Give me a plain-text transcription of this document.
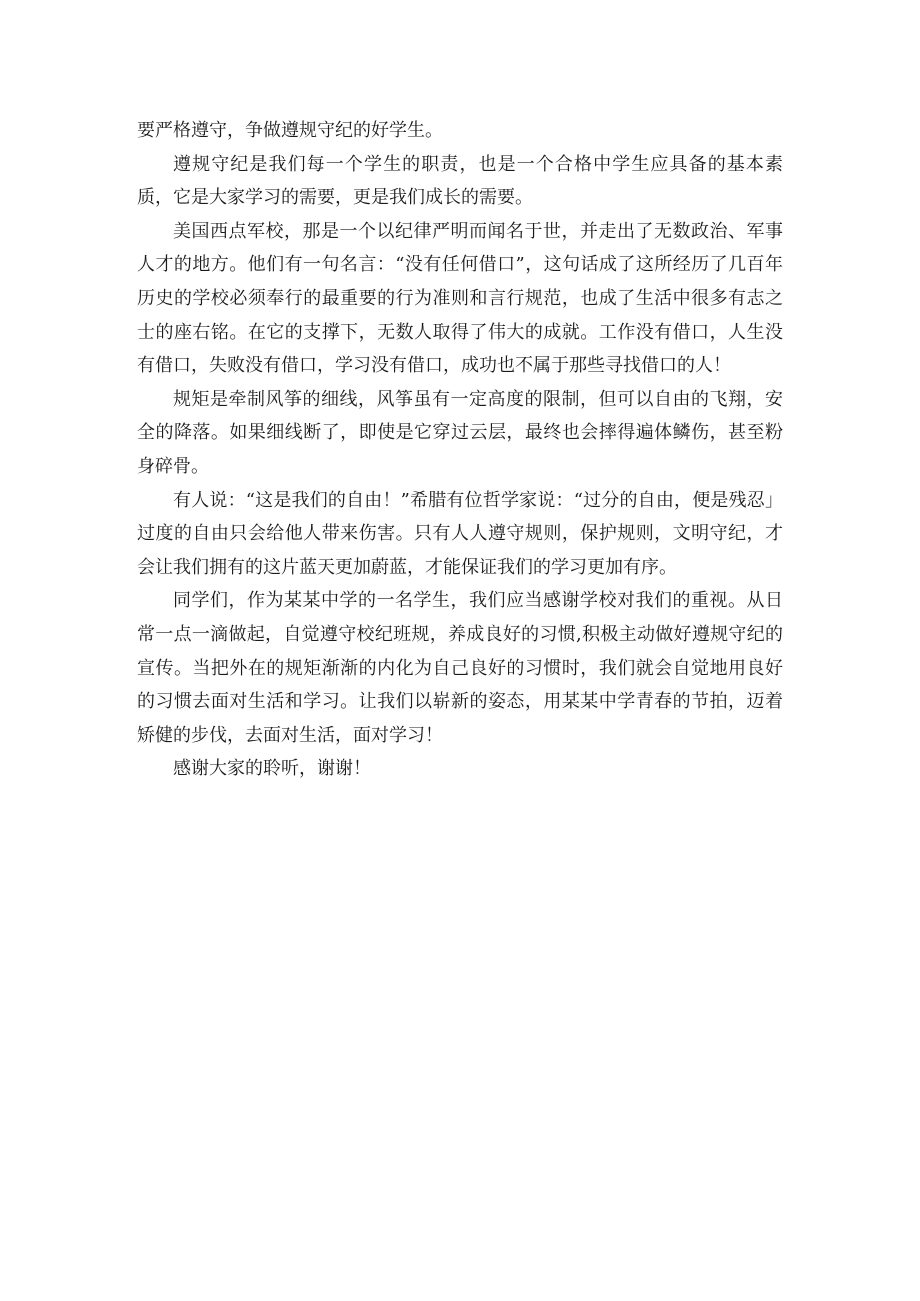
要严格遵守，争做遵规守纪的好学生。

遵规守纪是我们每一个学生的职责，也是一个合格中学生应具备的基本素质，它是大家学习的需要，更是我们成长的需要。

美国西点军校，那是一个以纪律严明而闻名于世，并走出了无数政治、军事人才的地方。他们有一句名言：“没有任何借口”，这句话成了这所经历了几百年历史的学校必须奉行的最重要的行为准则和言行规范，也成了生活中很多有志之士的座右铭。在它的支撑下，无数人取得了伟大的成就。工作没有借口，人生没有借口，失败没有借口，学习没有借口，成功也不属于那些寻找借口的人！

规矩是牵制风筝的细线，风筝虽有一定高度的限制，但可以自由的飞翔，安全的降落。如果细线断了，即使是它穿过云层，最终也会摔得遍体鳞伤，甚至粉身碎骨。

有人说：“这是我们的自由！”希腊有位哲学家说：“过分的自由，便是残忍」过度的自由只会给他人带来伤害。只有人人遵守规则，保护规则，文明守纪，才会让我们拥有的这片蓝天更加蔚蓝，才能保证我们的学习更加有序。

同学们，作为某某中学的一名学生，我们应当感谢学校对我们的重视。从日常一点一滴做起，自觉遵守校纪班规，养成良好的习惯,积极主动做好遵规守纪的宣传。当把外在的规矩渐渐的内化为自己良好的习惯时，我们就会自觉地用良好的习惯去面对生活和学习。让我们以崭新的姿态，用某某中学青春的节拍，迈着矫健的步伐，去面对生活，面对学习！

感谢大家的聆听，谢谢！
